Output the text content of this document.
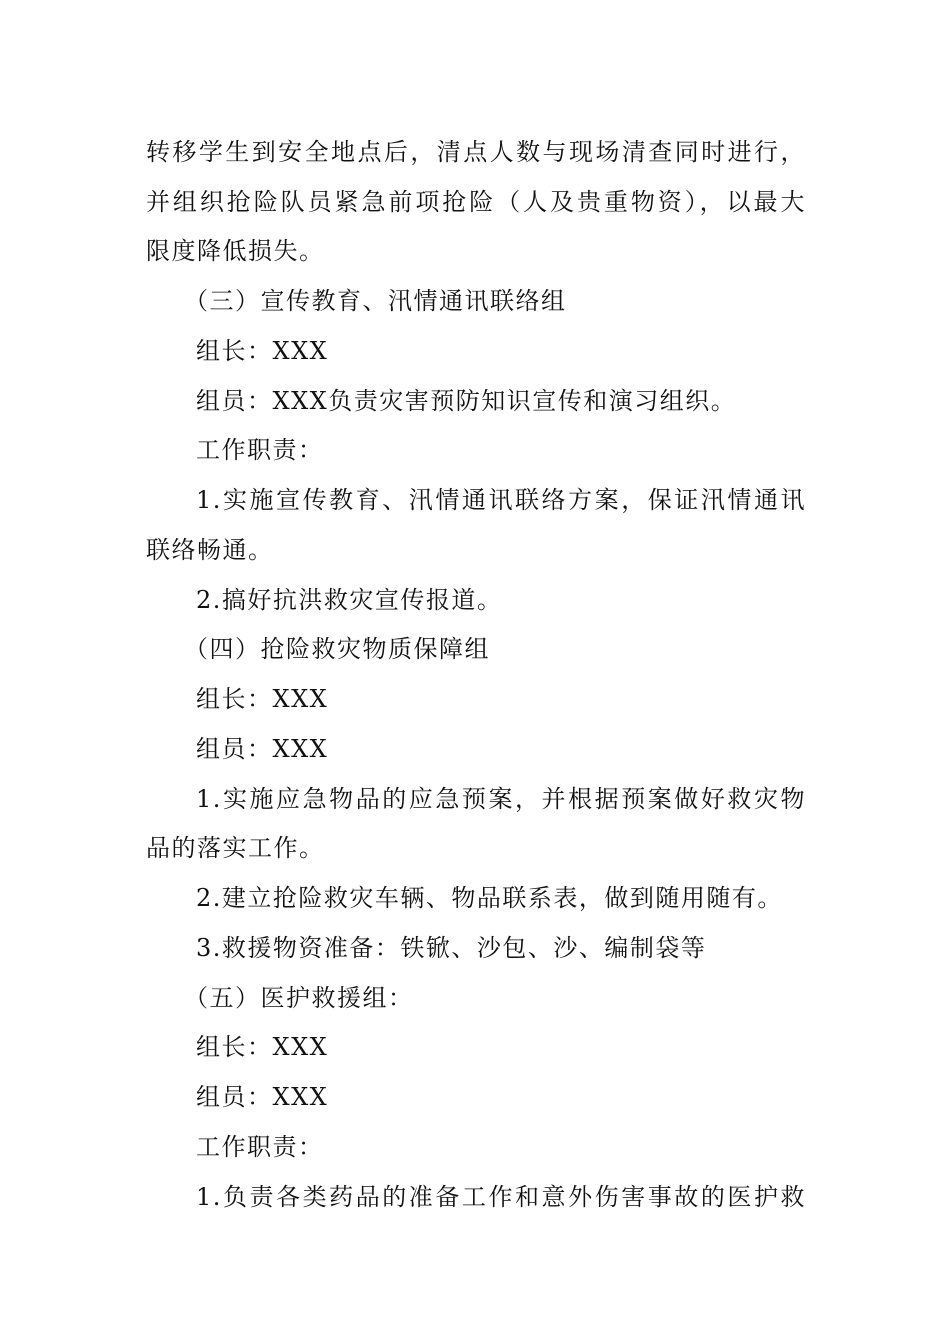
转移学生到安全地点后，清点人数与现场清查同时进行，
并组织抢险队员紧急前项抢险（人及贵重物资），以最大
限度降低损失。
（三）宣传教育、汛情通讯联络组
组长：XXX
组员：XXX负责灾害预防知识宣传和演习组织。
工作职责：
1.实施宣传教育、汛情通讯联络方案，保证汛情通讯
联络畅通。
2.搞好抗洪救灾宣传报道。
（四）抢险救灾物质保障组
组长：XXX
组员：XXX
1.实施应急物品的应急预案，并根据预案做好救灾物
品的落实工作。
2.建立抢险救灾车辆、物品联系表，做到随用随有。
3.救援物资准备：铁锨、沙包、沙、编制袋等
（五）医护救援组：
组长：XXX
组员：XXX
工作职责：
1.负责各类药品的准备工作和意外伤害事故的医护救
